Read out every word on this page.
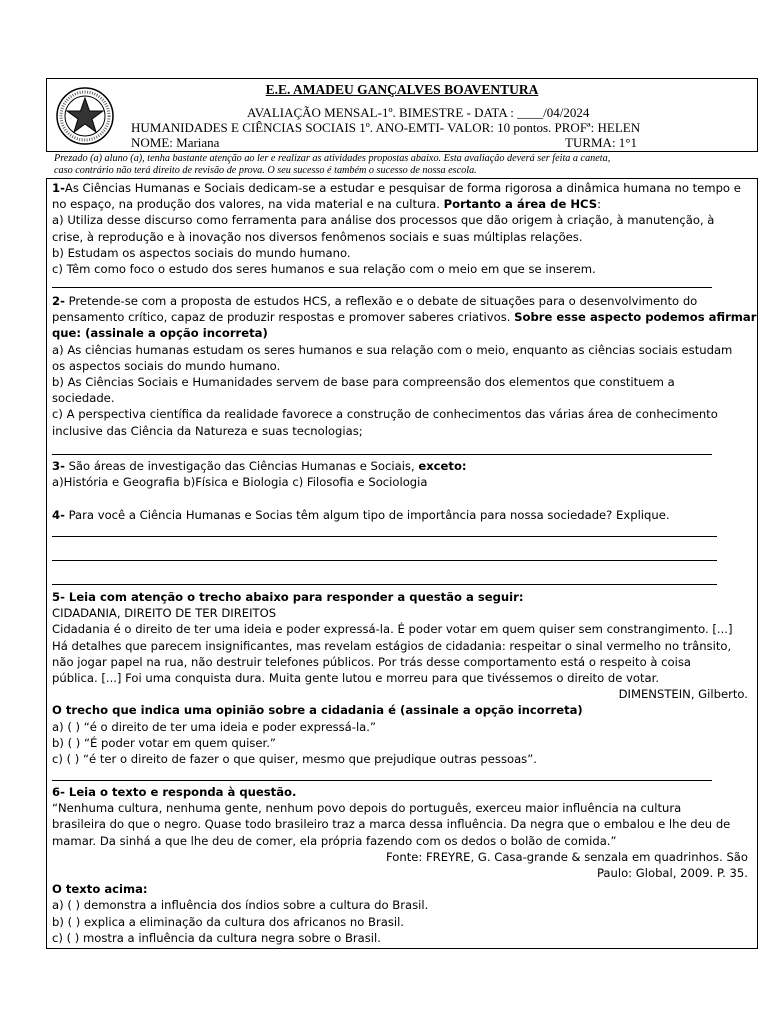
E.E. AMADEU GANÇALVES BOAVENTURA
AVALIAÇÃO MENSAL-1º. BIMESTRE - DATA : ____/04/2024
HUMANIDADES E CIÊNCIAS SOCIAIS 1º. ANO-EMTI- VALOR: 10 pontos. PROFª: HELEN
NOME: Mariana	TURMA: 1°1
Prezado (a) aluno (a), tenha bastante atenção ao ler e realizar as atividades propostas abaixo. Esta avaliação deverá ser feita a caneta,
caso contrário não terá direito de revisão de prova. O seu sucesso é também o sucesso de nossa escola.

1-As Ciências Humanas e Sociais dedicam-se a estudar e pesquisar de forma rigorosa a dinâmica humana no tempo e

no espaço, na produção dos valores, na vida material e na cultura. Portanto a área de HCS:

a) Utiliza desse discurso como ferramenta para análise dos processos que dão origem à criação, à manutenção, à

crise, à reprodução e à inovação nos diversos fenômenos sociais e suas múltiplas relações.

b) Estudam os aspectos sociais do mundo humano.

c) Têm como foco o estudo dos seres humanos e sua relação com o meio em que se inserem.

2- Pretende-se com a proposta de estudos HCS, a reflexão e o debate de situações para o desenvolvimento do

pensamento crítico, capaz de produzir respostas e promover saberes criativos. Sobre esse aspecto podemos afirmar

que: (assinale a opção incorreta)

a) As ciências humanas estudam os seres humanos e sua relação com o meio, enquanto as ciências sociais estudam

os aspectos sociais do mundo humano.

b) As Ciências Sociais e Humanidades servem de base para compreensão dos elementos que constituem a

sociedade.

c) A perspectiva científica da realidade favorece a construção de conhecimentos das várias área de conhecimento

inclusive das Ciência da Natureza e suas tecnologias;

3- São áreas de investigação das Ciências Humanas e Sociais, exceto:

a)História e Geografia b)Física e Biologia c) Filosofia e Sociologia

4- Para você a Ciência Humanas e Socias têm algum tipo de importância para nossa sociedade? Explique.

5- Leia com atenção o trecho abaixo para responder a questão a seguir:

CIDADANIA, DIREITO DE TER DIREITOS

Cidadania é o direito de ter uma ideia e poder expressá-la. É poder votar em quem quiser sem constrangimento. [...]

Há detalhes que parecem insignificantes, mas revelam estágios de cidadania: respeitar o sinal vermelho no trânsito,

não jogar papel na rua, não destruir telefones públicos. Por trás desse comportamento está o respeito à coisa

pública. [...] Foi uma conquista dura. Muita gente lutou e morreu para que tivéssemos o direito de votar.

DIMENSTEIN, Gilberto.

O trecho que indica uma opinião sobre a cidadania é (assinale a opção incorreta)

a) ( ) “é o direito de ter uma ideia e poder expressá-la.”

b) ( ) “É poder votar em quem quiser.”

c) ( ) “é ter o direito de fazer o que quiser, mesmo que prejudique outras pessoas”.

6- Leia o texto e responda à questão.

“Nenhuma cultura, nenhuma gente, nenhum povo depois do português, exerceu maior influência na cultura

brasileira do que o negro. Quase todo brasileiro traz a marca dessa influência. Da negra que o embalou e lhe deu de

mamar. Da sinhá a que lhe deu de comer, ela própria fazendo com os dedos o bolão de comida.”

Fonte: FREYRE, G. Casa-grande & senzala em quadrinhos. São

Paulo: Global, 2009. P. 35.

O texto acima:

a) ( ) demonstra a influência dos índios sobre a cultura do Brasil.

b) ( ) explica a eliminação da cultura dos africanos no Brasil.

c) ( ) mostra a influência da cultura negra sobre o Brasil.
